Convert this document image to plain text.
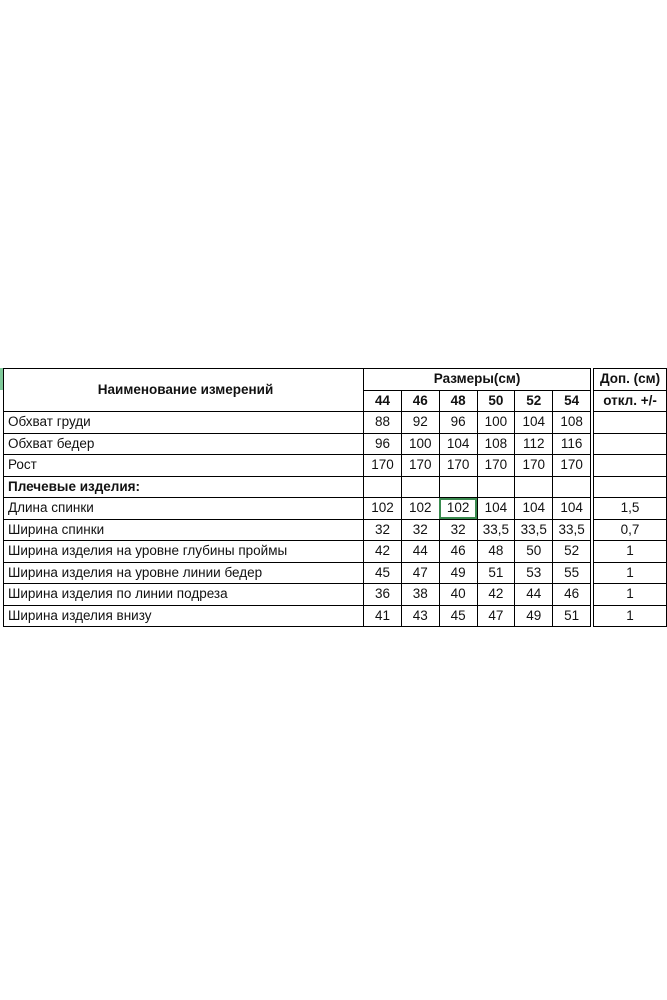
Наименование измерений	Размеры(см)							Доп. (см)
	44	46	48	50	52	54		откл. +/-
Обхват груди	88	92	96	100	104	108		
Обхват бедер	96	100	104	108	112	116		
Рост	170	170	170	170	170	170		
Плечевые изделия:								
Длина спинки	102	102	102	104	104	104		1,5
Ширина спинки	32	32	32	33,5	33,5	33,5		0,7
Ширина изделия на уровне глубины проймы	42	44	46	48	50	52		1
Ширина изделия на уровне линии бедер	45	47	49	51	53	55		1
Ширина изделия по линии подреза	36	38	40	42	44	46		1
Ширина изделия внизу	41	43	45	47	49	51		1
